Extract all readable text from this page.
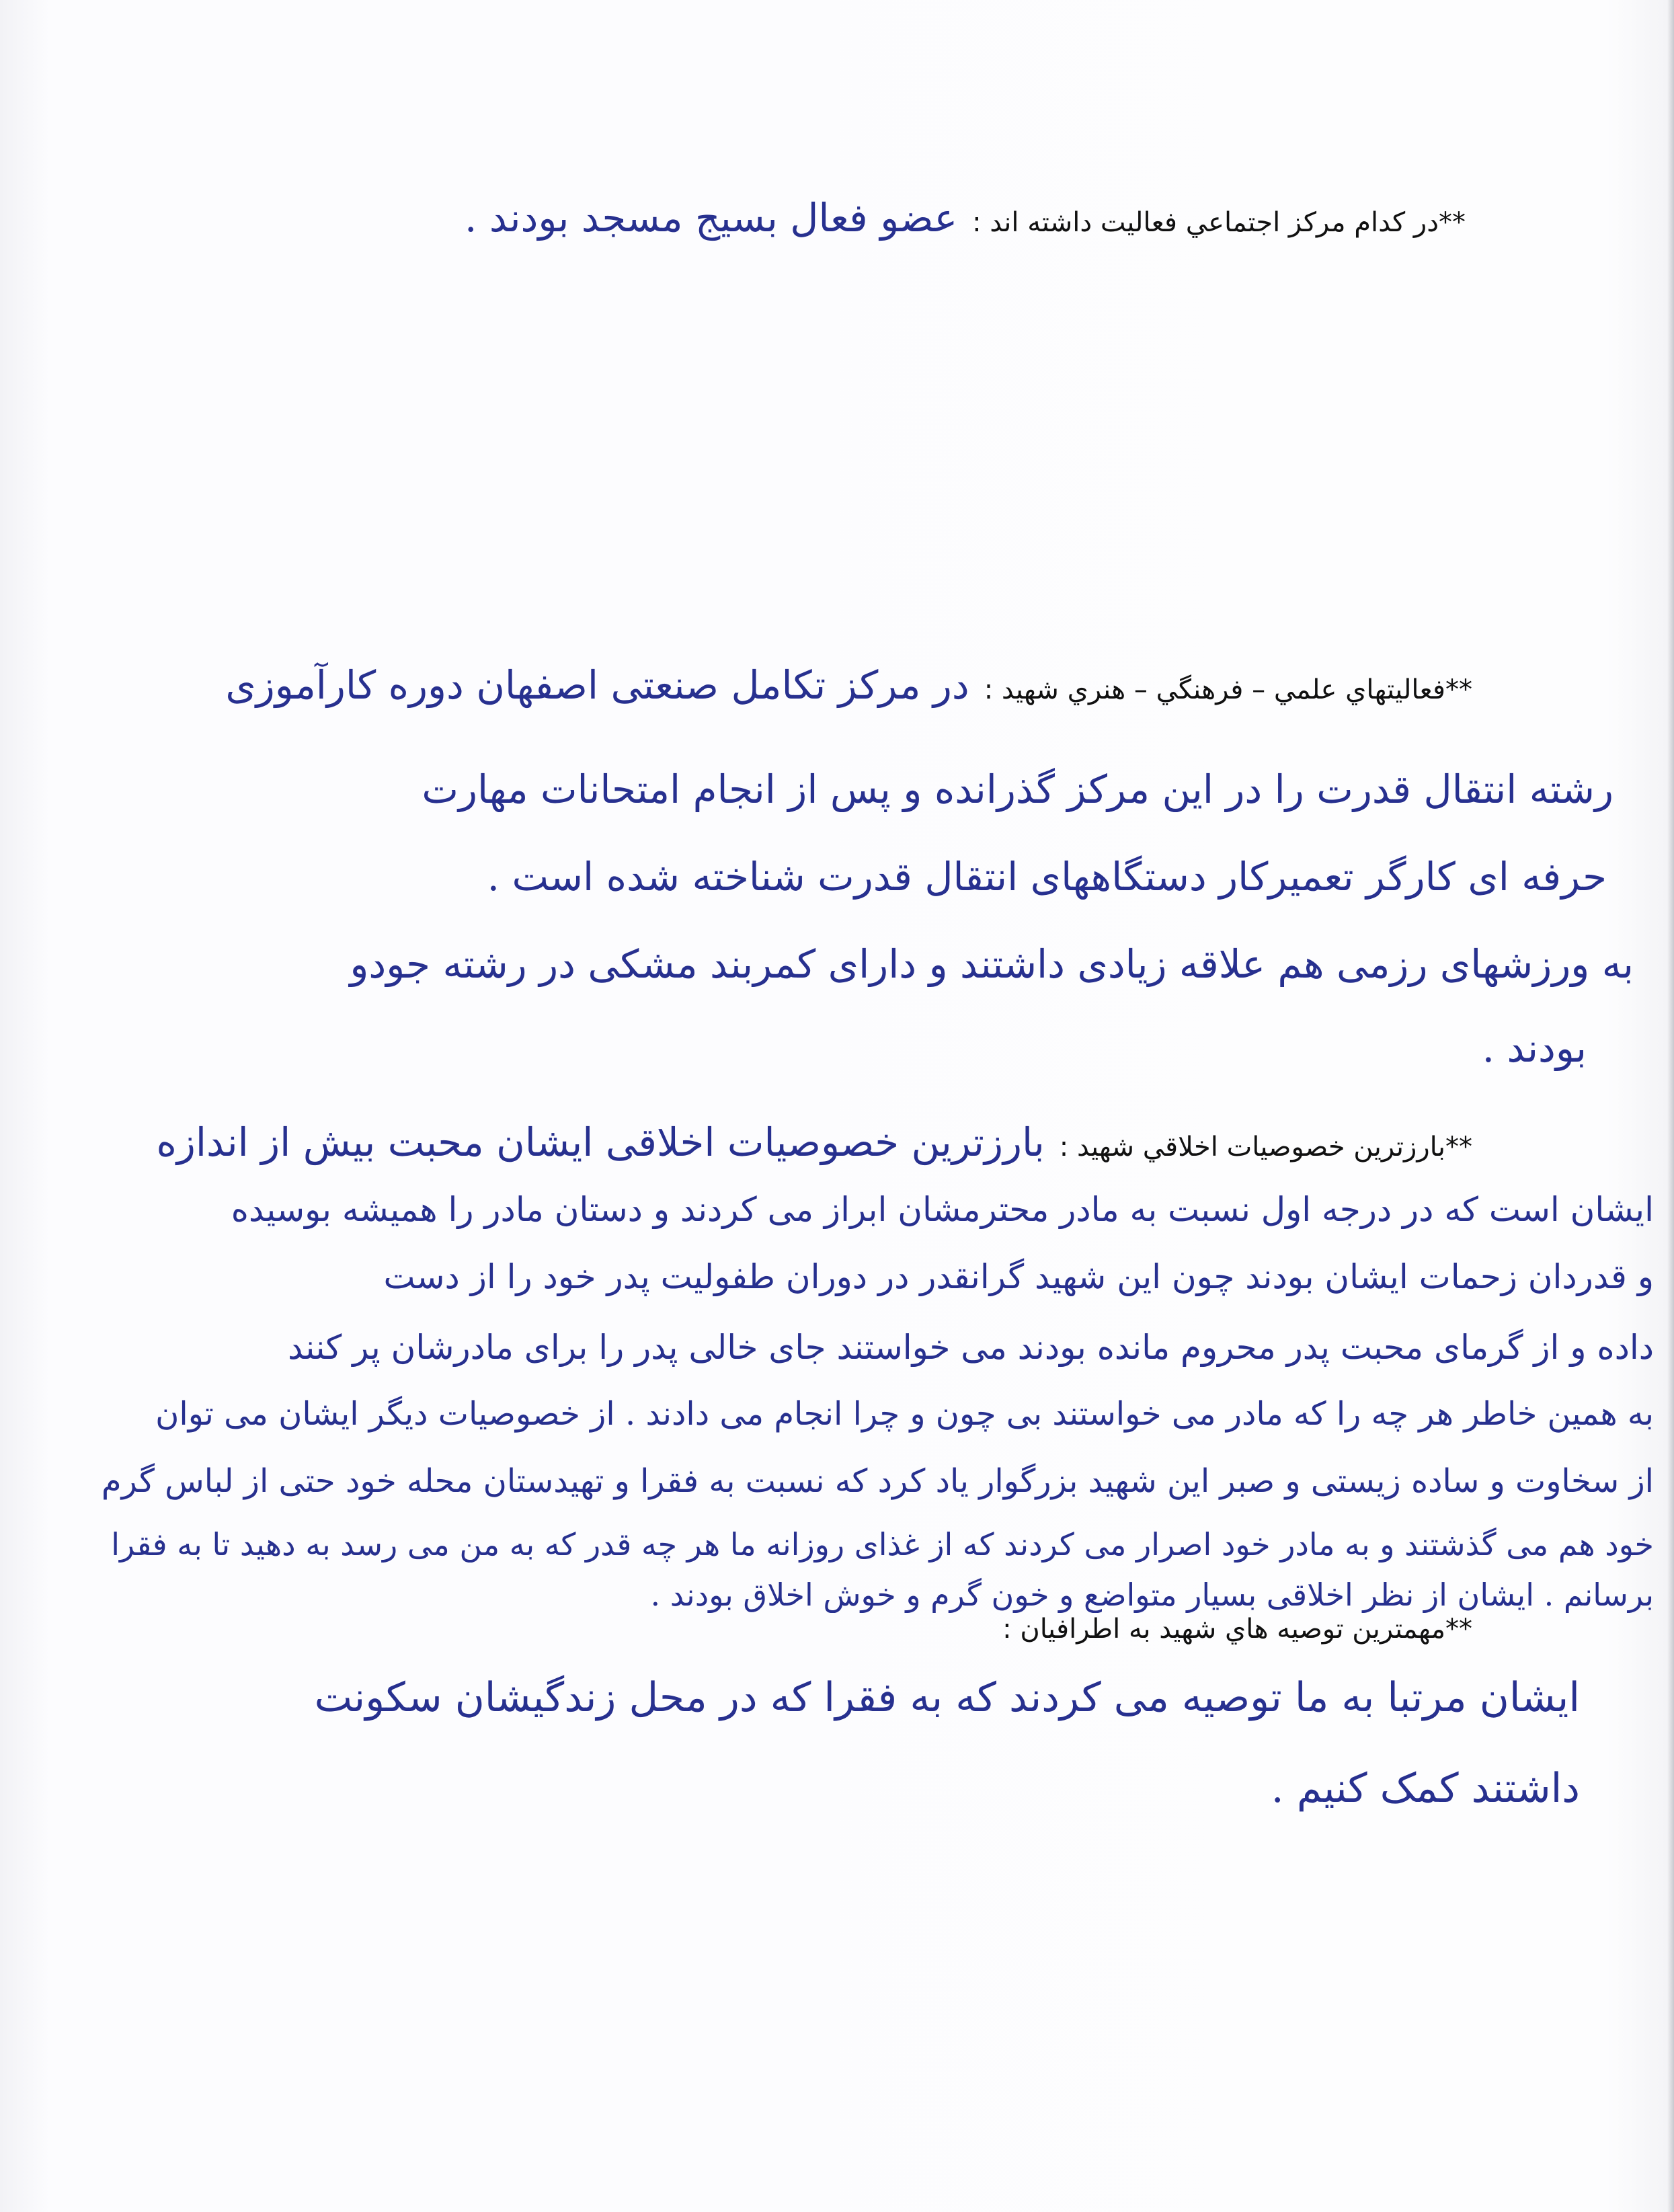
**در کدام مرکز اجتماعي فعاليت داشته اند :
عضو فعال بسیج مسجد بودند .
**فعاليتهاي علمي – فرهنگي – هنري شهيد :
در مرکز تکامل صنعتی اصفهان دوره کارآموزی
رشته انتقال قدرت را در این مرکز گذرانده و پس از انجام امتحانات مهارت
حرفه ای کارگر تعمیرکار دستگاههای انتقال قدرت شناخته شده است .
به ورزشهای رزمی هم علاقه زیادی داشتند و دارای کمربند مشکی در رشته جودو
بودند .
**بارزترين خصوصيات اخلاقي شهيد :
بارزترین خصوصیات اخلاقی ایشان محبت بیش از اندازه
ایشان است که در درجه اول نسبت به مادر محترمشان ابراز می کردند و دستان مادر را همیشه بوسیده
و قدردان زحمات ایشان بودند چون این شهید گرانقدر در دوران طفولیت پدر خود را از دست
داده و از گرمای محبت پدر محروم مانده بودند می خواستند جای خالی پدر را برای مادرشان پر کنند
به همین خاطر هر چه را که مادر می خواستند بی چون و چرا انجام می دادند . از خصوصیات دیگر ایشان می توان
از سخاوت و ساده زیستی و صبر این شهید بزرگوار یاد کرد که نسبت به فقرا و تهیدستان محله خود حتی از لباس گرم
خود هم می گذشتند و به مادر خود اصرار می کردند که از غذای روزانه ما هر چه قدر که به من می رسد به دهید تا به فقرا
برسانم . ایشان از نظر اخلاقی بسیار متواضع و خون گرم و خوش اخلاق بودند .
**مهمترين توصيه هاي شهيد به اطرافيان :
ایشان مرتبا به ما توصیه می کردند که به فقرا که در محل زندگیشان سکونت
داشتند کمک کنیم .
